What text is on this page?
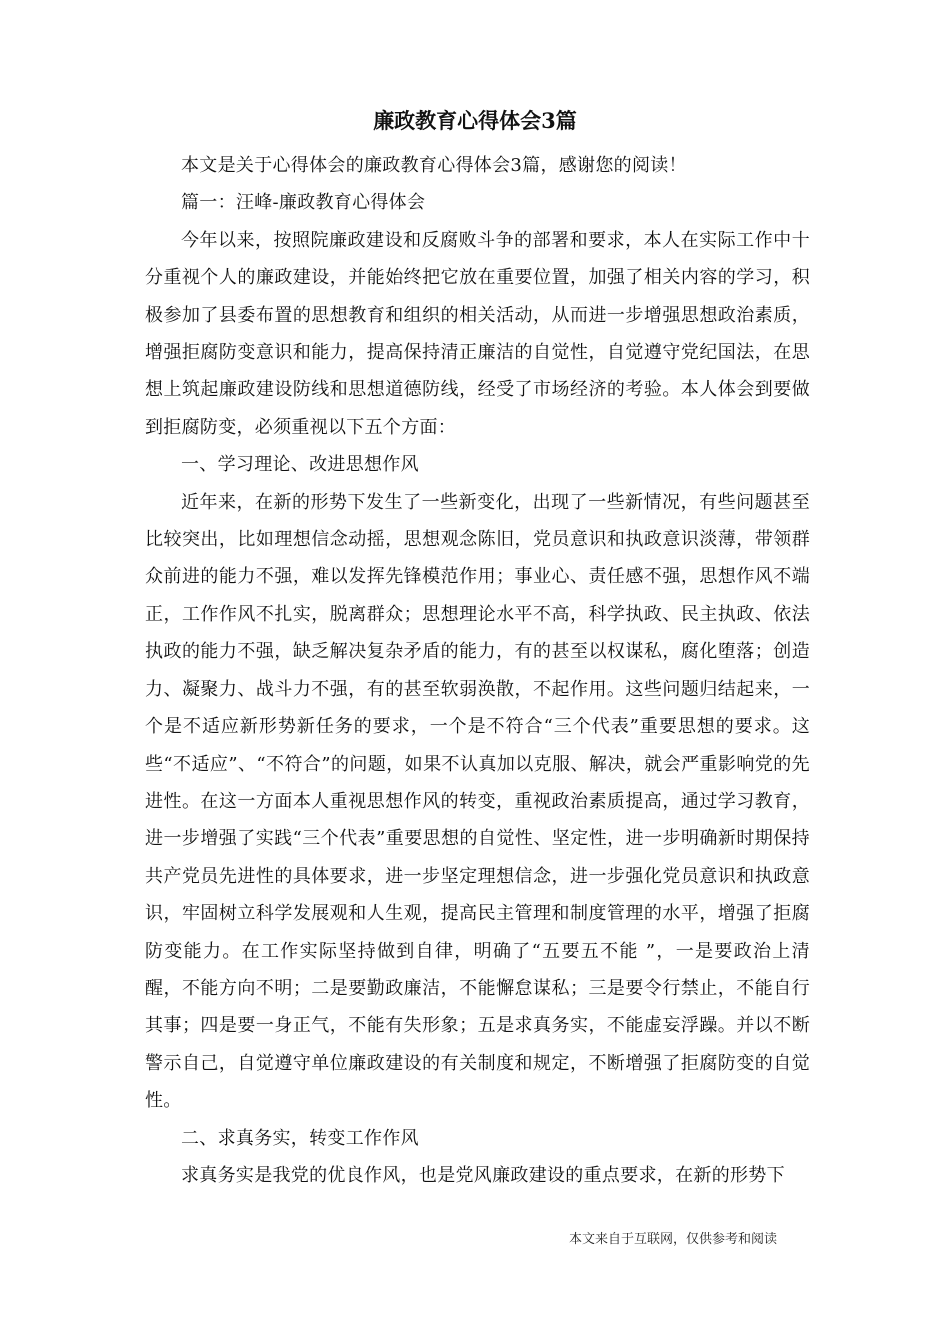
廉政教育心得体会3篇

本文是关于心得体会的廉政教育心得体会3篇，感谢您的阅读！

篇一：汪峰-廉政教育心得体会

今年以来，按照院廉政建设和反腐败斗争的部署和要求，本人在实际工作中十分重视个人的廉政建设，并能始终把它放在重要位置，加强了相关内容的学习，积极参加了县委布置的思想教育和组织的相关活动，从而进一步增强思想政治素质，增强拒腐防变意识和能力，提高保持清正廉洁的自觉性，自觉遵守党纪国法，在思想上筑起廉政建设防线和思想道德防线，经受了市场经济的考验。本人体会到要做到拒腐防变，必须重视以下五个方面：

一、学习理论、改进思想作风

近年来，在新的形势下发生了一些新变化，出现了一些新情况，有些问题甚至比较突出，比如理想信念动摇，思想观念陈旧，党员意识和执政意识淡薄，带领群众前进的能力不强，难以发挥先锋模范作用；事业心、责任感不强，思想作风不端正，工作作风不扎实，脱离群众；思想理论水平不高，科学执政、民主执政、依法执政的能力不强，缺乏解决复杂矛盾的能力，有的甚至以权谋私，腐化堕落；创造力、凝聚力、战斗力不强，有的甚至软弱涣散，不起作用。这些问题归结起来，一个是不适应新形势新任务的要求，一个是不符合“三个代表”重要思想的要求。这些“不适应”、“不符合”的问题，如果不认真加以克服、解决，就会严重影响党的先进性。在这一方面本人重视思想作风的转变，重视政治素质提高，通过学习教育，进一步增强了实践“三个代表”重要思想的自觉性、坚定性，进一步明确新时期保持共产党员先进性的具体要求，进一步坚定理想信念，进一步强化党员意识和执政意识，牢固树立科学发展观和人生观，提高民主管理和制度管理的水平，增强了拒腐防变能力。在工作实际坚持做到自律，明确了“五要五不能 ”，一是要政治上清醒，不能方向不明；二是要勤政廉洁，不能懈怠谋私；三是要令行禁止，不能自行其事；四是要一身正气，不能有失形象；五是求真务实，不能虚妄浮躁。并以不断警示自己，自觉遵守单位廉政建设的有关制度和规定，不断增强了拒腐防变的自觉性。

二、求真务实，转变工作作风

求真务实是我党的优良作风，也是党风廉政建设的重点要求，在新的形势下

本文来自于互联网，仅供参考和阅读
